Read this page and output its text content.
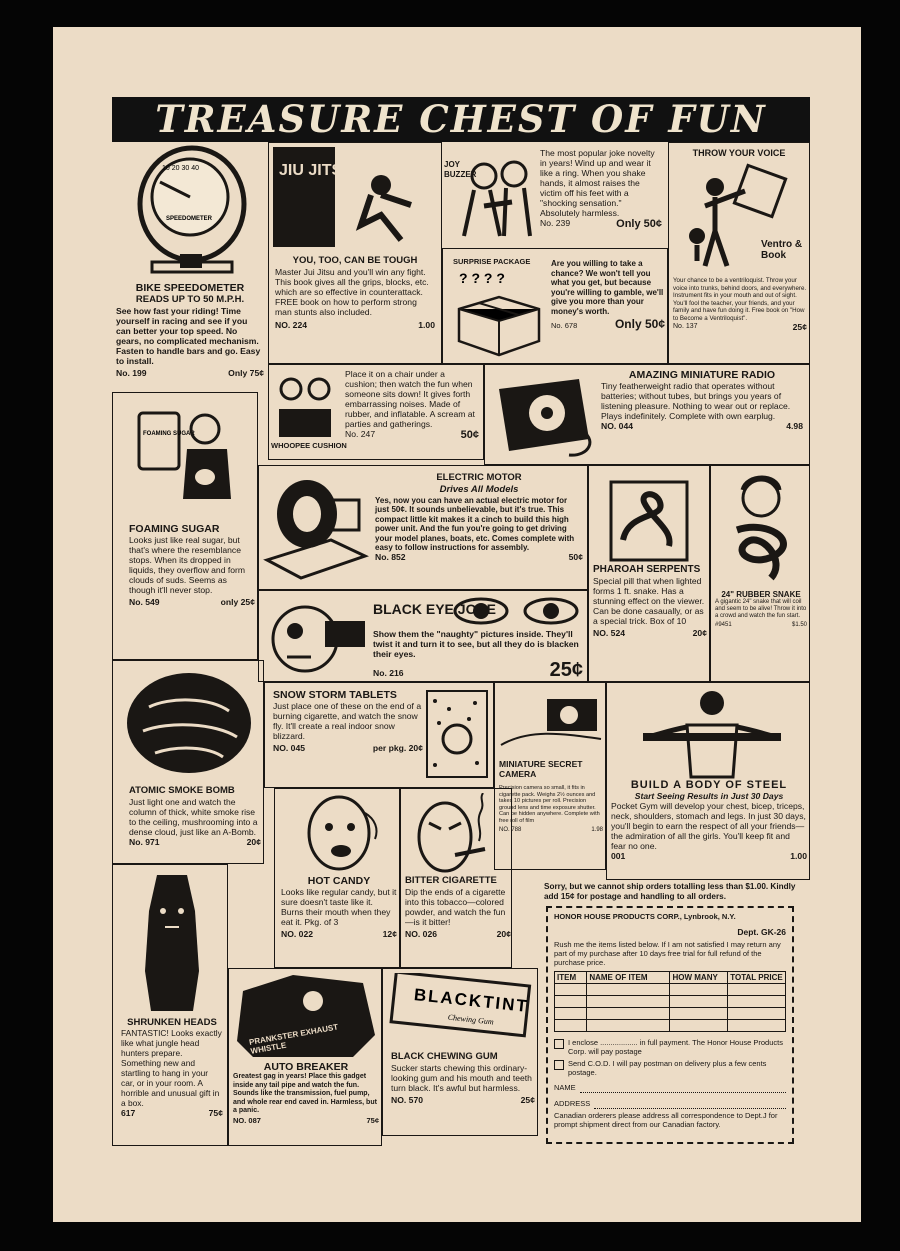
TREASURE CHEST OF FUN
10 20 30 40
SPEEDOMETER

BIKE SPEEDOMETER

READS UP TO 50 M.P.H.

See how fast your riding! Time yourself in racing and see if you can better your top speed. No gears, no complicated mechanism. Fasten to handle bars and go. Easy to install.

No. 199	Only 75¢
JIU JITSU

YOU, TOO, CAN BE TOUGH

Master Jui Jitsu and you'll win any fight. This book gives all the grips, blocks, etc. which are so effective in counterattack. FREE book on how to perform strong man stunts also included.

NO. 224	1.00
JOY BUZZER

The most popular joke novelty in years! Wind up and wear it like a ring. When you shake hands, it almost raises the victim off his feet with a "shocking sensation." Absolutely harmless.

No. 239	Only 50¢

THROW YOUR VOICE

Ventro & Book

Your chance to be a ventriloquist. Throw your voice into trunks, behind doors, and everywhere. Instrument fits in your mouth and out of sight. You'll fool the teacher, your friends, and your family and have fun doing it. Free book on "How to Become a Ventriloquist".

No. 137	25¢
SURPRISE PACKAGE
? ? ? ?

Are you willing to take a chance? We won't tell you what you get, but because you're willing to gamble, we'll give you more than your money's worth.

No. 678	Only 50¢
WHOOPEE CUSHION

Place it on a chair under a cushion; then watch the fun when someone sits down! It gives forth embarrassing noises. Made of rubber, and inflatable. A scream at parties and gatherings.

No. 247	50¢

AMAZING MINIATURE RADIO

Tiny featherweight radio that operates without batteries; without tubes, but brings you years of listening pleasure. Nothing to wear out or replace. Plays indefinitely. Complete with own earplug.

NO. 044	4.98
FOAMING SUGAR

FOAMING SUGAR

Looks just like real sugar, but that's where the resemblance stops. When its dropped in liquids, they overflow and form clouds of suds. Seems as though it'll never stop.

No. 549	only 25¢

ELECTRIC MOTOR

Drives All Models

Yes, now you can have an actual electric motor for just 50¢. It sounds unbelievable, but it's true. This compact little kit makes it a cinch to build this high power unit. And the fun you're going to get driving your model planes, boats, etc. Comes complete with easy to follow instructions for assembly.

No. 852	50¢

PHAROAH SERPENTS

Special pill that when lighted forms 1 ft. snake. Has a stunning effect on the viewer. Can be done casaually, or as a special trick. Box of 10

NO. 524	20¢

24" RUBBER SNAKE

A gigantic 24" snake that will coil and seem to be alive! Throw it into a crowd and watch the fun start.

#9451	$1.50

BLACK EYE JOKE

Show them the "naughty" pictures inside. They'll twist it and turn it to see, but all they do is blacken their eyes.

No. 216	25¢

ATOMIC SMOKE BOMB

Just light one and watch the column of thick, white smoke rise to the ceiling, mushrooming into a dense cloud, just like an A-Bomb.

No. 971	20¢

SNOW STORM TABLETS

Just place one of these on the end of a burning cigarette, and watch the snow fly. It'll create a real indoor snow blizzard.

NO. 045	per pkg. 20¢

MINIATURE SECRET CAMERA

Precision camera so small, it fits in cigarette pack. Weighs 2½ ounces and takes 10 pictures per roll. Precision ground lens and time exposure shutter. Can be hidden anywhere. Complete with free roll of film

NO. 788	1.98

BUILD A BODY OF STEEL

Start Seeing Results in Just 30 Days

Pocket Gym will develop your chest, bicep, triceps, neck, shoulders, stomach and legs. In just 30 days, you'll begin to earn the respect of all your friends—the admiration of all the girls. You'll keep fit and fear no one.

001	1.00

HOT CANDY

Looks like regular candy, but it sure doesn't taste like it. Burns their mouth when they eat it. Pkg. of 3

NO. 022	12¢

BITTER CIGARETTE

Dip the ends of a cigarette into this tobacco—colored powder, and watch the fun—is it bitter!

NO. 026	20¢

SHRUNKEN HEADS

FANTASTIC! Looks exactly like what jungle head hunters prepare. Something new and startling to hang in your car, or in your room. A horrible and unusual gift in a box.

617	75¢
PRANKSTER EXHAUST WHISTLE

AUTO BREAKER

Greatest gag in years! Place this gadget inside any tail pipe and watch the fun. Sounds like the transmission, fuel pump, and whole rear end caved in. Harmless, but a panic.

NO. 087	75¢
BLACKTINT
Chewing Gum

BLACK CHEWING GUM

Sucker starts chewing this ordinary-looking gum and his mouth and teeth turn black. It's awful but harmless.

NO. 570	25¢

Sorry, but we cannot ship orders totalling less than $1.00. Kindly add 15¢ for postage and handling to all orders.

HONOR HOUSE PRODUCTS CORP., Lynbrook, N.Y.
Dept. GK-26

Rush me the items listed below. If I am not satisfied I may return any part of my purchase after 10 days free trial for full refund of the purchase price.

ITEM	NAME OF ITEM	HOW MANY	TOTAL PRICE

I enclose .................. in full payment. The Honor House Products Corp. will pay postage

Send C.O.D. I will pay postman on delivery plus a few cents postage.

NAME
ADDRESS

Canadian orderers please address all correspondence to Dept.J for prompt shipment direct from our Canadian factory.
